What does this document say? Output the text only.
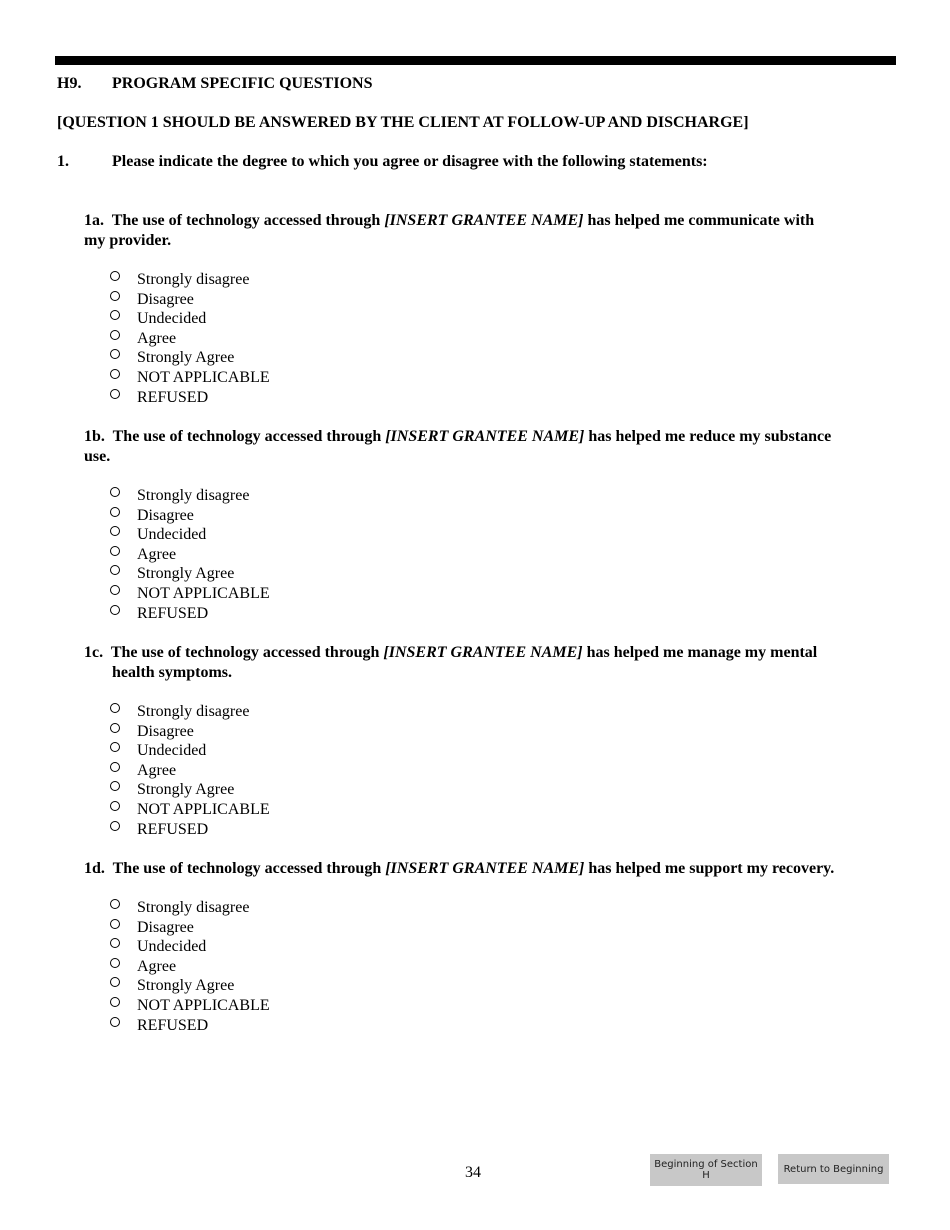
H9. PROGRAM SPECIFIC QUESTIONS
[QUESTION 1 SHOULD BE ANSWERED BY THE CLIENT AT FOLLOW-UP AND DISCHARGE]
1.	Please indicate the degree to which you agree or disagree with the following statements:
1a. The use of technology accessed through [INSERT GRANTEE NAME] has helped me communicate with
my provider.
Strongly disagree
Disagree
Undecided
Agree
Strongly Agree
NOT APPLICABLE
REFUSED
1b. The use of technology accessed through [INSERT GRANTEE NAME] has helped me reduce my substance
use.
Strongly disagree
Disagree
Undecided
Agree
Strongly Agree
NOT APPLICABLE
REFUSED
1c. The use of technology accessed through [INSERT GRANTEE NAME] has helped me manage my mental
health symptoms.
Strongly disagree
Disagree
Undecided
Agree
Strongly Agree
NOT APPLICABLE
REFUSED
1d. The use of technology accessed through [INSERT GRANTEE NAME] has helped me support my recovery.
Strongly disagree
Disagree
Undecided
Agree
Strongly Agree
NOT APPLICABLE
REFUSED
34	Beginning of Section H
Return to Beginning
